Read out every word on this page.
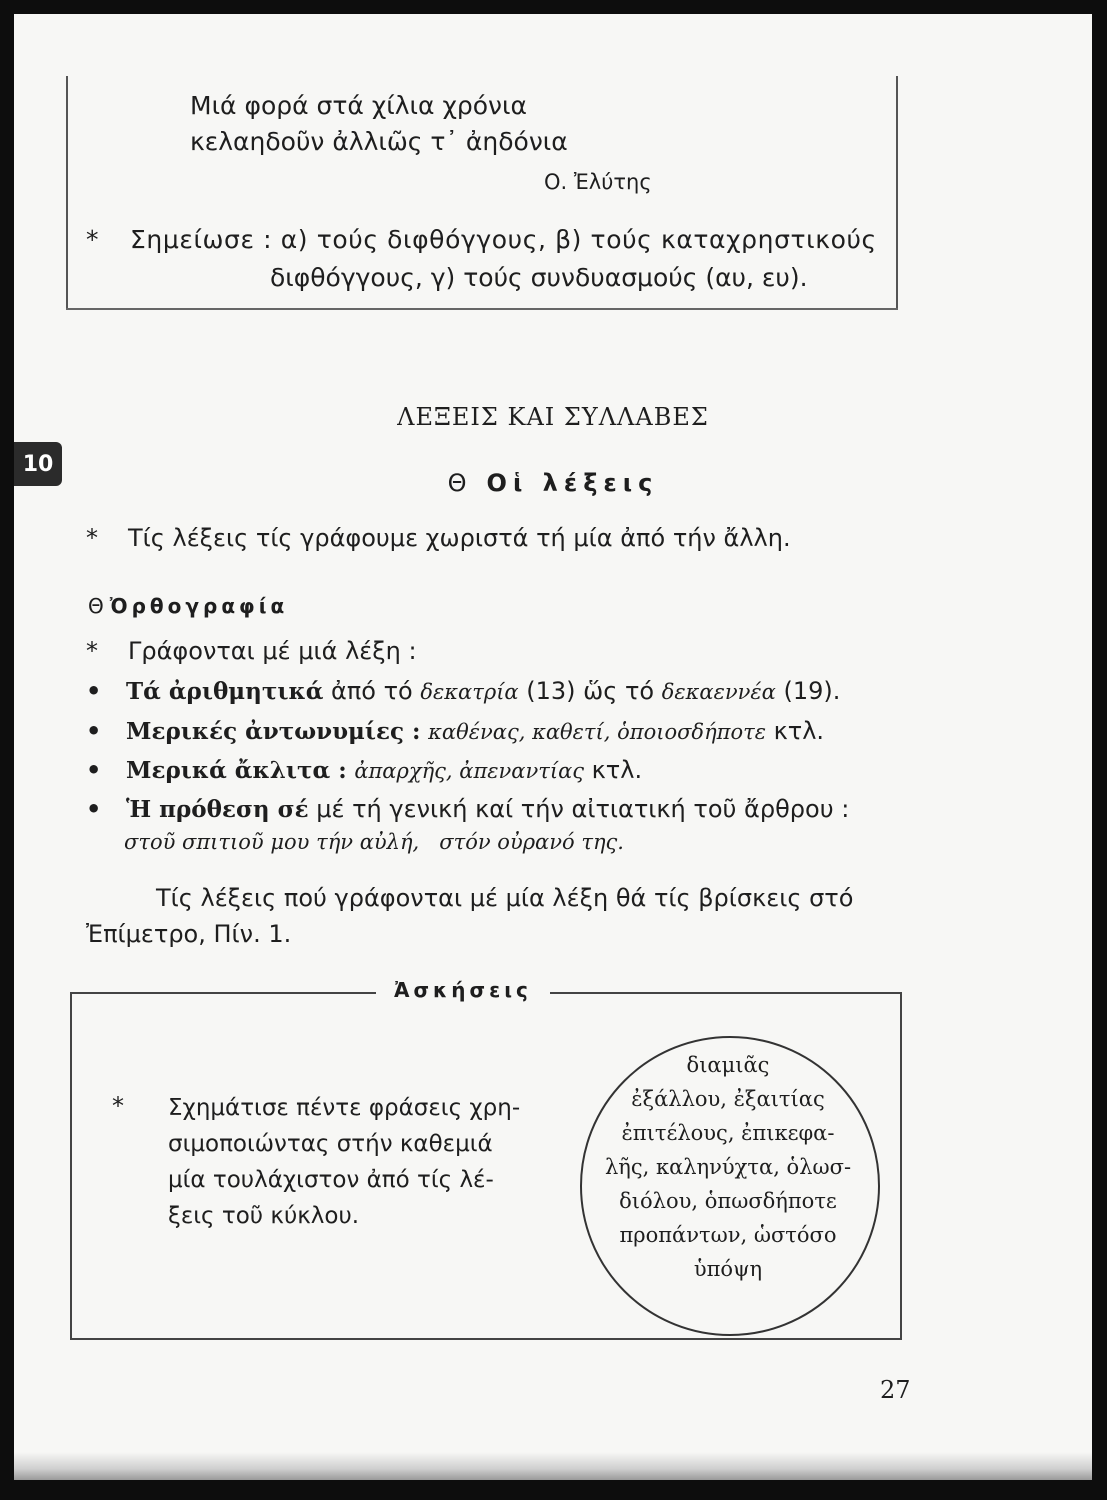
Μιά φορά στά χίλια χρόνια
κελαηδοῦν ἀλλιῶς τ᾽ ἀηδόνια
Ο. Ἐλύτης
* Σημείωσε : α) τούς διφθόγγους, β) τούς καταχρηστικούς
διφθόγγους, γ) τούς συνδυασμούς (αυ, ευ).
ΛΕΞΕΙΣ ΚΑΙ ΣΥΛΛΑΒΕΣ
10
Θ Οἱ λέξεις
* Τίς λέξεις τίς γράφουμε χωριστά τή μία ἀπό τήν ἄλλη.
Θ Ὀρθογραφία
* Γράφονται μέ μιά λέξη :
• Τά ἀριθμητικά ἀπό τό δεκατρία (13) ὥς τό δεκαεννέα (19).
• Μερικές ἀντωνυμίες : καθένας, καθετί, ὁποιοσδήποτε κτλ.
• Μερικά ἄκλιτα : ἀπαρχῆς, ἀπεναντίας κτλ.
• Ἡ πρόθεση σέ μέ τή γενική καί τήν αἰτιατική τοῦ ἄρθρου :
στοῦ σπιτιοῦ μου τήν αὐλή, στόν οὐρανό της.
Τίς λέξεις πού γράφονται μέ μία λέξη θά τίς βρίσκεις στό Ἐπίμετρο, Πίν. 1.
Ἀσκήσεις
* Σχημάτισε πέντε φράσεις χρη-
σιμοποιώντας στήν καθεμιά
μία τουλάχιστον ἀπό τίς λέ-
ξεις τοῦ κύκλου.
διαμιᾶς
ἐξάλλου, ἐξαιτίας
ἐπιτέλους, ἐπικεφα-
λῆς, καληνύχτα, ὁλωσ-
διόλου, ὁπωσδήποτε
προπάντων, ὡστόσο
ὑπόψη
27
